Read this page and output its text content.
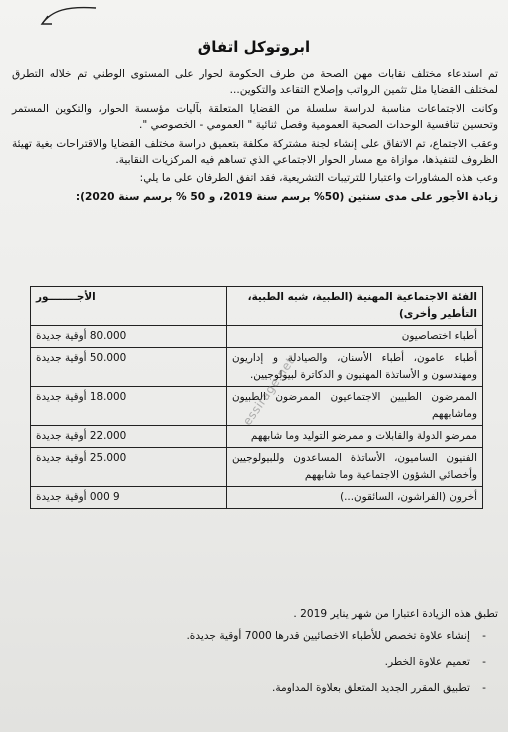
ابروتوكل اتفاق

تم استدعاء مختلف نقابات مهن الصحة من طرف الحكومة لحوار على المستوى الوطني تم خلاله التطرق لمختلف القضايا مثل تثمين الرواتب وإصلاح التقاعد والتكوين...

وكانت الاجتماعات مناسبة لدراسة سلسلة من القضايا المتعلقة بآليات مؤسسة الحوار، والتكوين المستمر وتحسين تنافسية الوحدات الصحية العمومية وفصل ثنائية " العمومي - الخصوصي ".

وعقب الاجتماع، تم الاتفاق على إنشاء لجنة مشتركة مكلفة بتعميق دراسة مختلف القضايا والاقتراحات بغية تهيئة الظروف لتنفيذها، موازاة مع مسار الحوار الاجتماعي الذي تساهم فيه المركزيات النقابية.

وعب هذه المشاورات واعتبارا للترتيبات التشريعية، فقد اتفق الطرفان على ما يلي:

زيادة الأجور على مدى سنتين (50% برسم سنة 2019، و 50 % برسم سنة 2020):

الفئة الاجتماعية المهنية (الطبية، شبه الطبية، التأطير وأخرى)	الأجــــــــور
أطباء اختصاصيون	80.000 أوقية جديدة
أطباء عامون، أطباء الأسنان، والصيادلة و إداريون ومهندسون و الأساتذة المهنيون و الدكاترة لبيولوجيين.	50.000 أوقية جديدة
الممرضون الطبيين الاجتماعيون الممرضون الطبيون وماشابههم	18.000 أوقية جديدة
ممرضو الدولة والقابلات و ممرضو التوليد وما شابههم	22.000 أوقية جديدة
الفنيون الساميون، الأساتذة المساعدون وللبيولوجيين وأخصائي الشؤون الاجتماعية وما شابههم	25.000 أوقية جديدة
أخرون (الفراشون، السائقون...)	9 000 أوقية جديدة
essirage.net
تطبق هذه الزيادة اعتبارا من شهر يناير 2019 .
- إنشاء علاوة تخصص للأطباء الاخصائيين قدرها 7000 أوقية جديدة.
- تعميم علاوة الخطر.
- تطبيق المقرر الجديد المتعلق بعلاوة المداومة.
